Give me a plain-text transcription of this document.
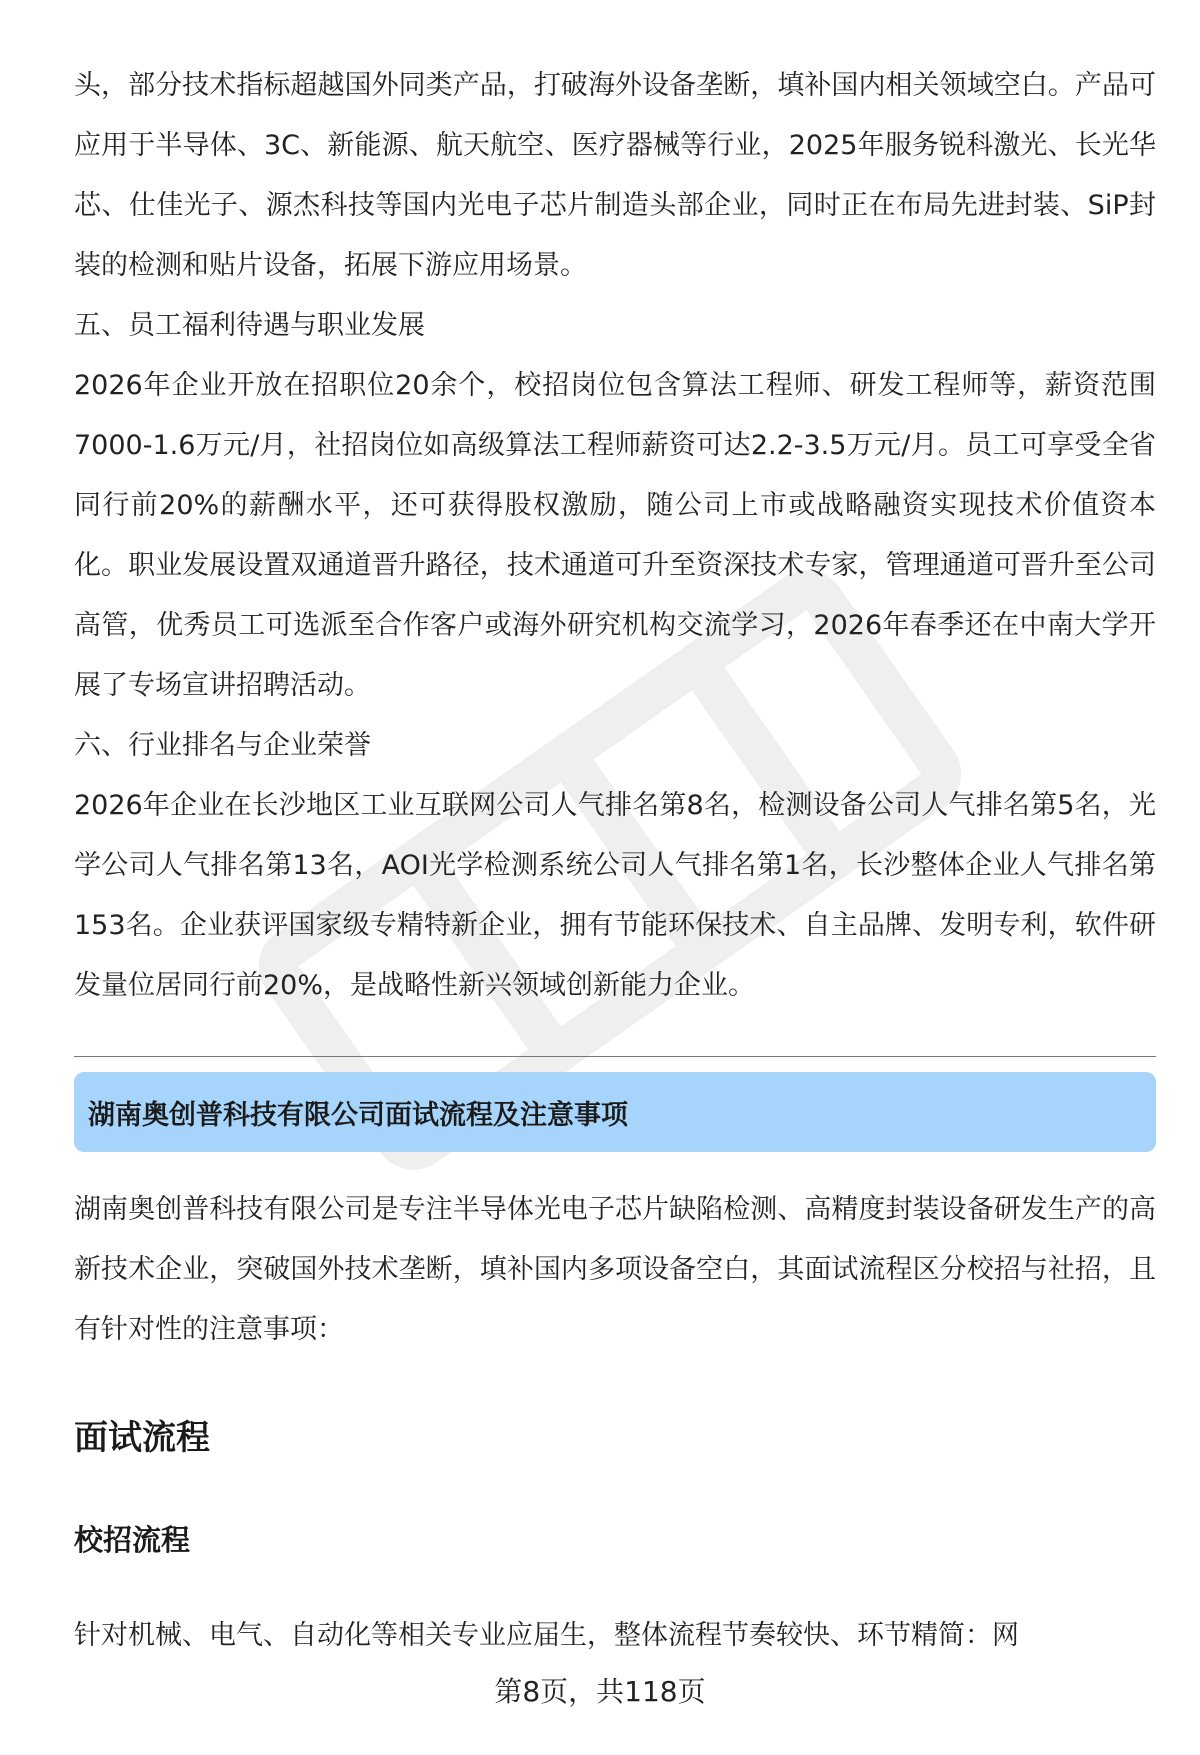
头，部分技术指标超越国外同类产品，打破海外设备垄断，填补国内相关领域空白。产品可应用于半导体、3C、新能源、航天航空、医疗器械等行业，2025年服务锐科激光、长光华芯、仕佳光子、源杰科技等国内光电子芯片制造头部企业，同时正在布局先进封装、SiP封装的检测和贴片设备，拓展下游应用场景。

五、员工福利待遇与职业发展

2026年企业开放在招职位20余个，校招岗位包含算法工程师、研发工程师等，薪资范围7000-1.6万元/月，社招岗位如高级算法工程师薪资可达2.2-3.5万元/月。员工可享受全省同行前20%的薪酬水平，还可获得股权激励，随公司上市或战略融资实现技术价值资本化。职业发展设置双通道晋升路径，技术通道可升至资深技术专家，管理通道可晋升至公司高管，优秀员工可选派至合作客户或海外研究机构交流学习，2026年春季还在中南大学开展了专场宣讲招聘活动。

六、行业排名与企业荣誉

2026年企业在长沙地区工业互联网公司人气排名第8名，检测设备公司人气排名第5名，光学公司人气排名第13名，AOI光学检测系统公司人气排名第1名，长沙整体企业人气排名第153名。企业获评国家级专精特新企业，拥有节能环保技术、自主品牌、发明专利，软件研发量位居同行前20%，是战略性新兴领域创新能力企业。

湖南奥创普科技有限公司面试流程及注意事项

湖南奥创普科技有限公司是专注半导体光电子芯片缺陷检测、高精度封装设备研发生产的高新技术企业，突破国外技术垄断，填补国内多项设备空白，其面试流程区分校招与社招，且有针对性的注意事项：

面试流程
校招流程

针对机械、电气、自动化等相关专业应届生，整体流程节奏较快、环节精简：网

第8页，共118页
